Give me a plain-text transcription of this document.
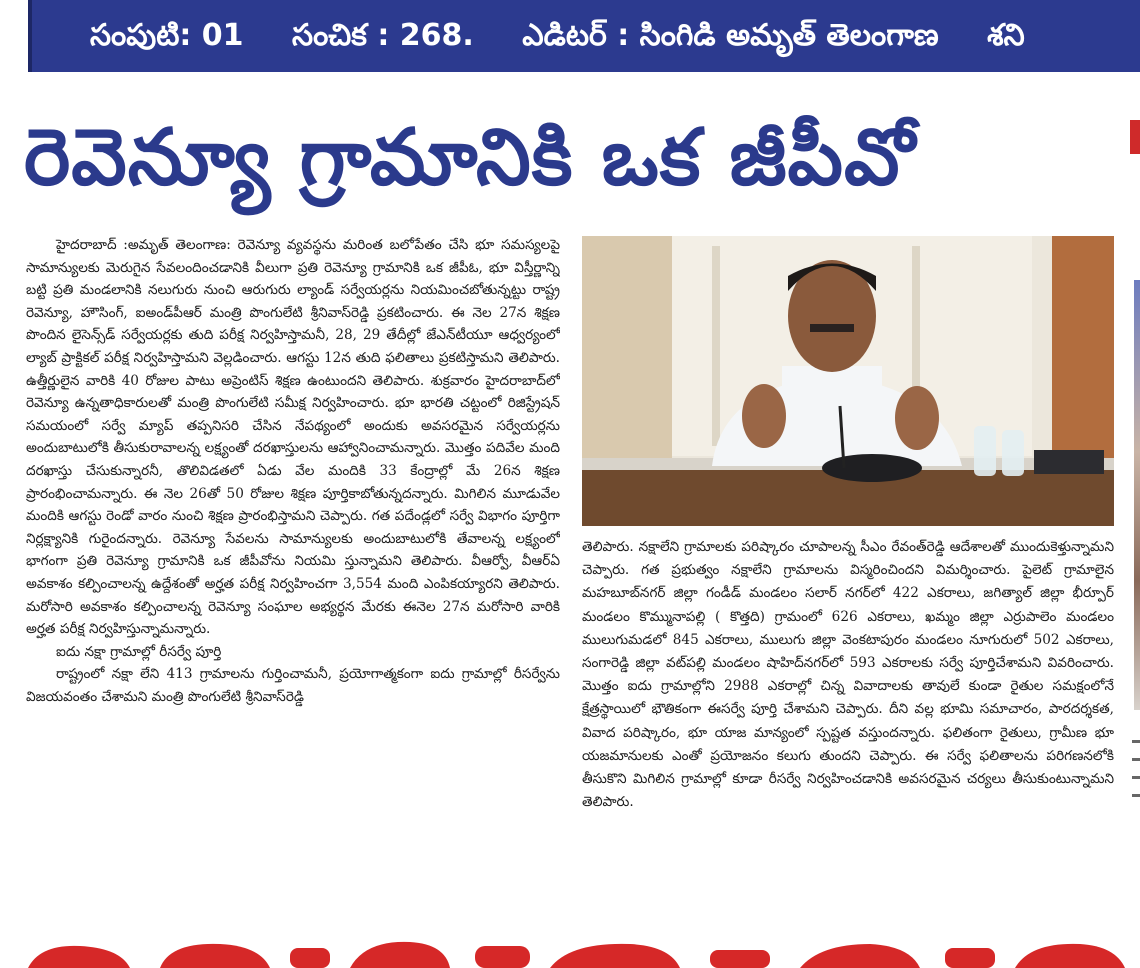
సంపుటి: 01 సంచిక : 268. ఎడిటర్ : సింగిడి అమృత్ తెలంగాణ శని
రెవెన్యూ గ్రామానికి ఒక జీపీవో

హైదరాబాద్ :అమృత్ తెలంగాణ: రెవెన్యూ వ్యవస్థను మరింత బలోపేతం చేసి భూ సమస్యలపై సామాన్యులకు మెరుగైన సేవలందించడానికి వీలుగా ప్రతి రెవెన్యూ గ్రామానికి ఒక జీపీఓ, భూ విస్తీర్ణాన్ని బట్టి ప్రతి మండలానికి నలుగురు నుంచి ఆరుగురు ల్యాండ్ సర్వేయర్లను నియమించబోతున్నట్టు రాష్ట్ర రెవెన్యూ, హౌసింగ్, ఐఅండ్‌పీఆర్ మంత్రి పొంగులేటి శ్రీనివాస్‌రెడ్డి ప్రకటించారు. ఈ నెల 27న శిక్షణ పొందిన లైసెన్స్‌డ్ సర్వేయర్లకు తుది పరీక్ష నిర్వహిస్తామనీ, 28, 29 తేదీల్లో జేఎన్‌టీయూ ఆధ్వర్యంలో ల్యాబ్ ప్రాక్టికల్ పరీక్ష నిర్వహిస్తామని వెల్లడించారు. ఆగస్టు 12న తుది ఫలితాలు ప్రకటిస్తామని తెలిపారు. ఉత్తీర్ణులైన వారికి 40 రోజుల పాటు అప్రెంటిస్ శిక్షణ ఉంటుందని తెలిపారు. శుక్రవారం హైదరాబాద్‌లో రెవెన్యూ ఉన్నతాధికారులతో మంత్రి పొంగులేటి సమీక్ష నిర్వహించారు. భూ భారతి చట్టంలో రిజిస్ట్రేషన్ సమయంలో సర్వే మ్యాప్ తప్పనిసరి చేసిన నేపథ్యంలో అందుకు అవసరమైన సర్వేయర్లను అందుబాటులోకి తీసుకురావాలన్న లక్ష్యంతో దరఖాస్తులను ఆహ్వానించామన్నారు. మొత్తం పదివేల మంది దరఖాస్తు చేసుకున్నారనీ, తొలివిడతలో ఏడు వేల మందికి 33 కేంద్రాల్లో మే 26న శిక్షణ ప్రారంభించామన్నారు. ఈ నెల 26తో 50 రోజుల శిక్షణ పూర్తికాబోతున్నదన్నారు. మిగిలిన మూడువేల మందికి ఆగస్టు రెండో వారం నుంచి శిక్షణ ప్రారంభిస్తామని చెప్పారు. గత పదేండ్లలో సర్వే విభాగం పూర్తిగా నిర్లక్ష్యానికి గురైందన్నారు. రెవెన్యూ సేవలను సామాన్యులకు అందుబాటులోకి తేవాలన్న లక్ష్యంలో భాగంగా ప్రతి రెవెన్యూ గ్రామానికి ఒక జీపీవోను నియమి స్తున్నామని తెలిపారు. వీఆర్వో, వీఆర్ఏ అవకాశం కల్పించాలన్న ఉద్దేశంతో అర్హత పరీక్ష నిర్వహించగా 3,554 మంది ఎంపికయ్యారని తెలిపారు. మరోసారి అవకాశం కల్పించాలన్న రెవెన్యూ సంఘాల అభ్యర్థన మేరకు ఈనెల 27న మరోసారి వారికి అర్హత పరీక్ష నిర్వహిస్తున్నామన్నారు.

ఐదు నక్షా గ్రామాల్లో రీసర్వే పూర్తి

రాష్ట్రంలో నక్షా లేని 413 గ్రామాలను గుర్తించామనీ, ప్రయోగాత్మకంగా ఐదు గ్రామాల్లో రీసర్వేను విజయవంతం చేశామని మంత్రి పొంగులేటి శ్రీనివాస్‌రెడ్డి

తెలిపారు. నక్షాలేని గ్రామాలకు పరిష్కారం చూపాలన్న సీఎం రేవంత్‌రెడ్డి ఆదేశాలతో ముందుకెళ్తున్నామని చెప్పారు. గత ప్రభుత్వం నక్షాలేని గ్రామాలను విస్మరించిందని విమర్శించారు. పైలెట్ గ్రామాలైన మహబూబ్‌నగర్ జిల్లా గండీడ్ మండలం సలార్ నగర్‌లో 422 ఎకరాలు, జగిత్యాల్ జిల్లా భీర్పూర్ మండలం కొమ్మునాపల్లి ( కొత్తది) గ్రామంలో 626 ఎకరాలు, ఖమ్మం జిల్లా ఎర్రుపాలెం మండలం ములుగుమడలో 845 ఎకరాలు, ములుగు జిల్లా వెంకటాపురం మండలం నూగురులో 502 ఎకరాలు, సంగారెడ్డి జిల్లా వట్‌పల్లి మండలం షాహిద్‌నగర్‌లో 593 ఎకరాలకు సర్వే పూర్తిచేశామని వివరించారు. మొత్తం ఐదు గ్రామాల్లోని 2988 ఎకరాల్లో చిన్న వివాదాలకు తావులే కుండా రైతుల సమక్షంలోనే క్షేత్రస్థాయిలో భౌతికంగా ఈసర్వే పూర్తి చేశామని చెప్పారు. దీని వల్ల భూమి సమాచారం, పారదర్శకత, వివాద పరిష్కారం, భూ యాజ మాన్యంలో స్పష్టత వస్తుందన్నారు. ఫలితంగా రైతులు, గ్రామీణ భూ యజమానులకు ఎంతో ప్రయోజనం కలుగు తుందని చెప్పారు. ఈ సర్వే ఫలితాలను పరిగణనలోకి తీసుకొని మిగిలిన గ్రామాల్లో కూడా రీసర్వే నిర్వహించడానికి అవసరమైన చర్యలు తీసుకుంటున్నామని తెలిపారు.
